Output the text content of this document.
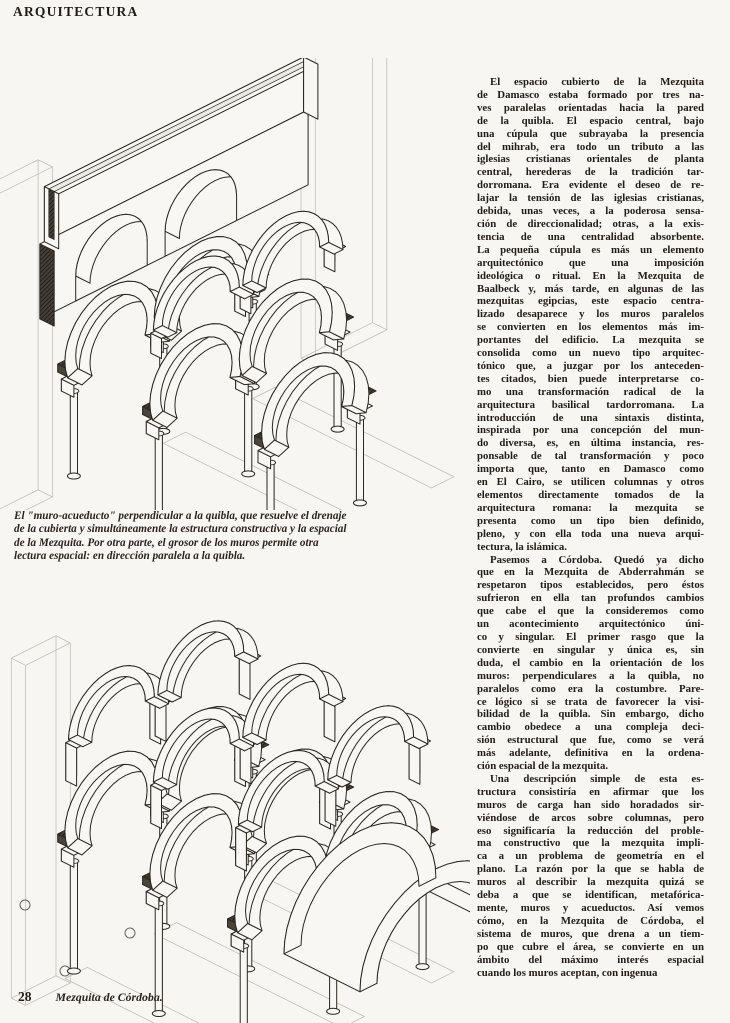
ARQUITECTURA
El "muro-acueducto" perpendicular a la quibla, que resuelve el drenaje
de la cubierta y simultáneamente la estructura constructiva y la espacial
de la Mezquita. Por otra parte, el grosor de los muros permite otra
lectura espacial: en dirección paralela a la quibla.
El espacio cubierto de la Mezquita
de Damasco estaba formado por tres na-
ves paralelas orientadas hacia la pared
de la quibla. El espacio central, bajo
una cúpula que subrayaba la presencia
del mihrab, era todo un tributo a las
iglesias cristianas orientales de planta
central, herederas de la tradición tar-
dorromana. Era evidente el deseo de re-
lajar la tensión de las iglesias cristianas,
debida, unas veces, a la poderosa sensa-
ción de direccionalidad; otras, a la exis-
tencia de una centralidad absorbente.
La pequeña cúpula es más un elemento
arquitectónico que una imposición
ideológica o ritual. En la Mezquita de
Baalbeck y, más tarde, en algunas de las
mezquitas egipcias, este espacio centra-
lizado desaparece y los muros paralelos
se convierten en los elementos más im-
portantes del edificio. La mezquita se
consolida como un nuevo tipo arquitec-
tónico que, a juzgar por los anteceden-
tes citados, bien puede interpretarse co-
mo una transformación radical de la
arquitectura basilical tardorromana. La
introducción de una sintaxis distinta,
inspirada por una concepción del mun-
do diversa, es, en última instancia, res-
ponsable de tal transformación y poco
importa que, tanto en Damasco como
en El Cairo, se utilicen columnas y otros
elementos directamente tomados de la
arquitectura romana: la mezquita se
presenta como un tipo bien definido,
pleno, y con ella toda una nueva arqui-
tectura, la islámica.
Pasemos a Córdoba. Quedó ya dicho
que en la Mezquita de Abderrahmán se
respetaron tipos establecidos, pero éstos
sufrieron en ella tan profundos cambios
que cabe el que la consideremos como
un acontecimiento arquitectónico úni-
co y singular. El primer rasgo que la
convierte en singular y única es, sin
duda, el cambio en la orientación de los
muros: perpendiculares a la quibla, no
paralelos como era la costumbre. Pare-
ce lógico si se trata de favorecer la visi-
bilidad de la quibla. Sin embargo, dicho
cambio obedece a una compleja deci-
sión estructural que fue, como se verá
más adelante, definitiva en la ordena-
ción espacial de la mezquita.
Una descripción simple de esta es-
tructura consistiría en afirmar que los
muros de carga han sido horadados sir-
viéndose de arcos sobre columnas, pero
eso significaría la reducción del proble-
ma constructivo que la mezquita impli-
ca a un problema de geometría en el
plano. La razón por la que se habla de
muros al describir la mezquita quizá se
deba a que se identifican, metafórica-
mente, muros y acueductos. Así vemos
cómo, en la Mezquita de Córdoba, el
sistema de muros, que drena a un tiem-
po que cubre el área, se convierte en un
ámbito del máximo interés espacial
cuando los muros aceptan, con ingenua
28 Mezquita de Córdoba.
